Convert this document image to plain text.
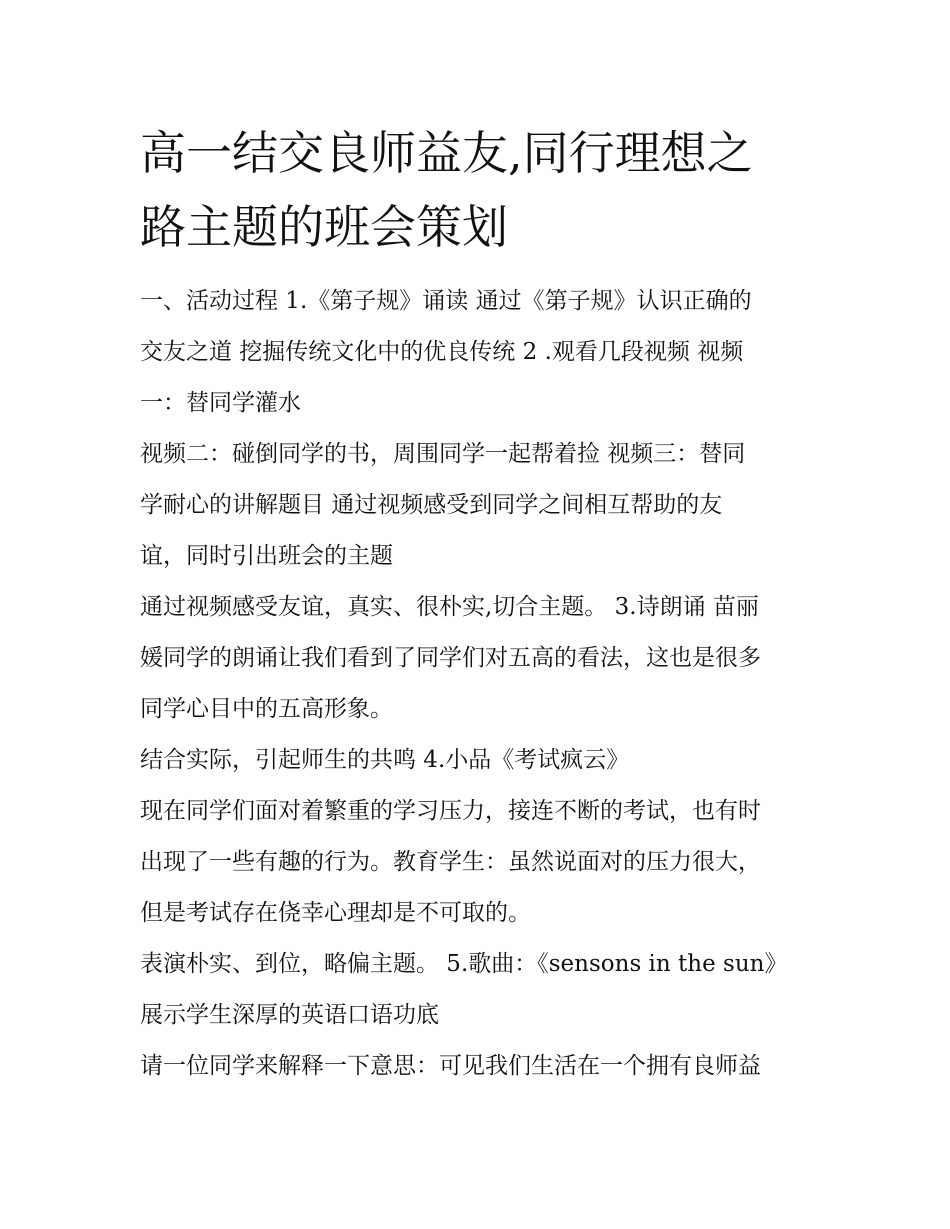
高一结交良师益友,同行理想之
路主题的班会策划
一、活动过程 1.《第子规》诵读 通过《第子规》认识正确的
交友之道 挖掘传统文化中的优良传统 2 .观看几段视频 视频
一：替同学灌水
视频二：碰倒同学的书，周围同学一起帮着捡 视频三：替同
学耐心的讲解题目 通过视频感受到同学之间相互帮助的友
谊，同时引出班会的主题
通过视频感受友谊，真实、很朴实,切合主题。 3.诗朗诵 苗丽
媛同学的朗诵让我们看到了同学们对五高的看法，这也是很多
同学心目中的五高形象。
结合实际，引起师生的共鸣 4.小品《考试疯云》
现在同学们面对着繁重的学习压力，接连不断的考试，也有时
出现了一些有趣的行为。教育学生：虽然说面对的压力很大，
但是考试存在侥幸心理却是不可取的。
表演朴实、到位，略偏主题。 5.歌曲：《sensons in the sun》
展示学生深厚的英语口语功底
请一位同学来解释一下意思：可见我们生活在一个拥有良师益
